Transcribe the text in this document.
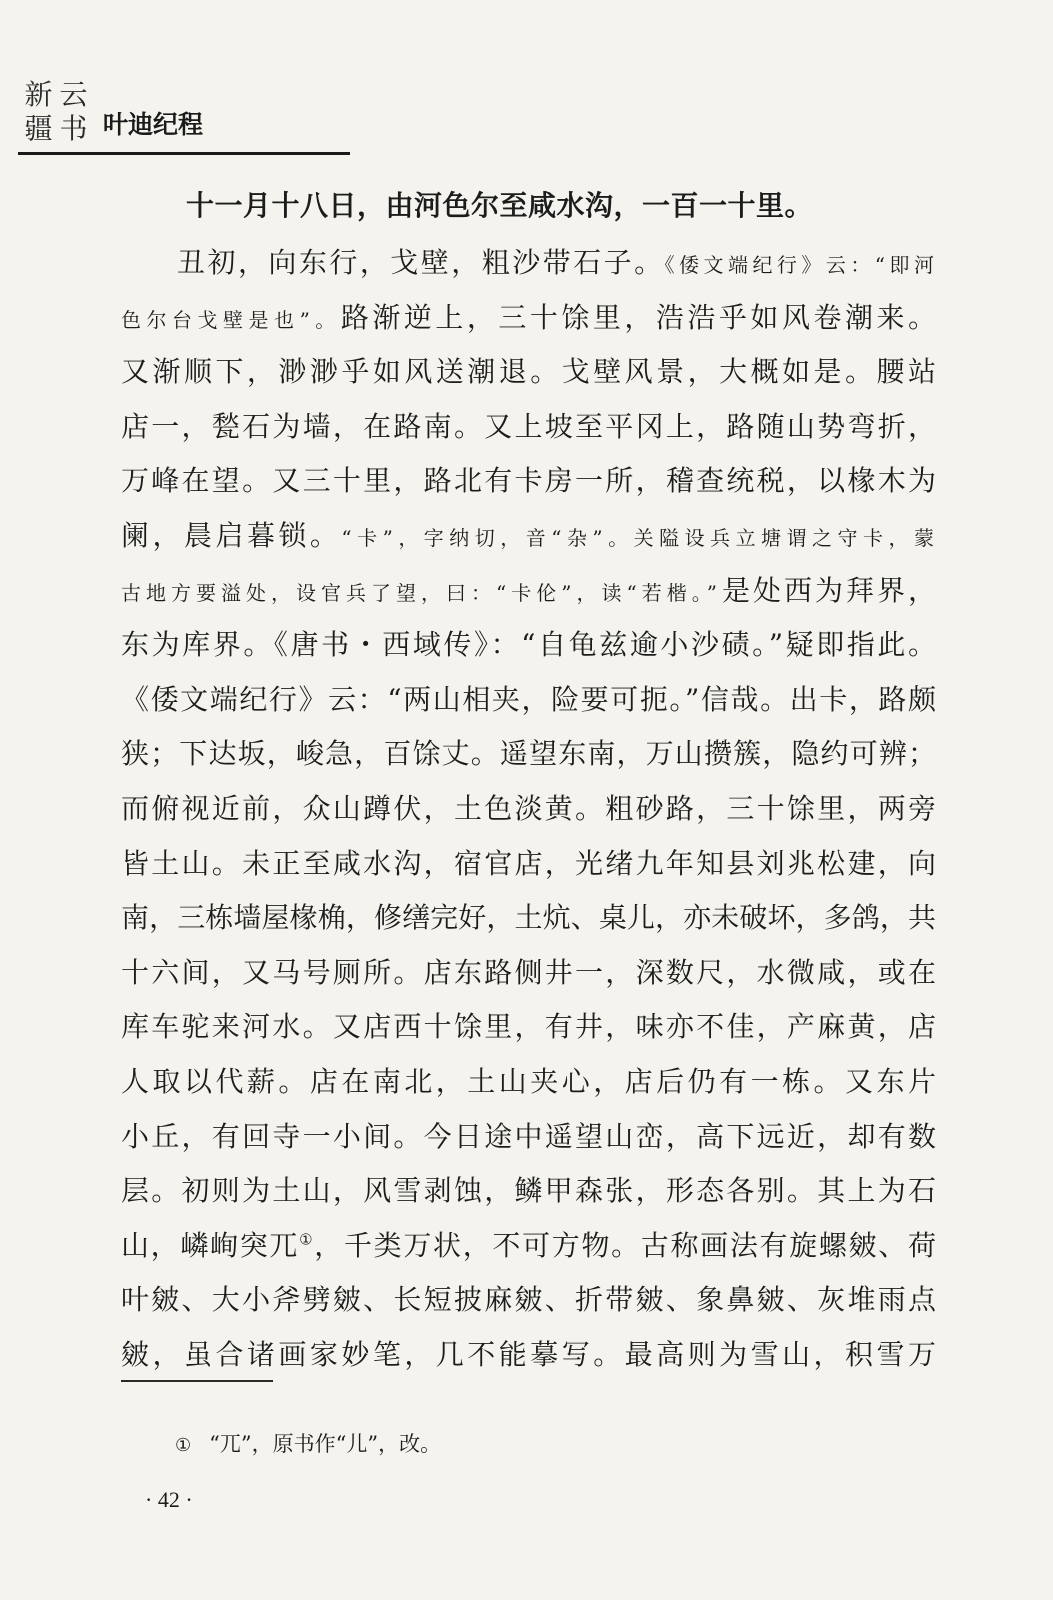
新 云
疆 书 叶迪纪程
十一月十八日，由河色尔至咸水沟，一百一十里。
丑初，向东行，戈壁，粗沙带石子。《倭文端纪行》云：“即河
色尔台戈壁是也”。路渐逆上，三十馀里，浩浩乎如风卷潮来。
又渐顺下，渺渺乎如风送潮退。戈壁风景，大概如是。腰站
店一，甃石为墙，在路南。又上坡至平冈上，路随山势弯折，
万峰在望。又三十里，路北有卡房一所，稽查统税，以椽木为
阑，晨启暮锁。“卡”，字纳切，音“杂”。关隘设兵立塘谓之守卡，蒙
古地方要溢处，设官兵了望，曰：“卡伦”，读“若楷。”是处西为拜界，
东为库界。《唐书・西域传》：“自龟兹逾小沙碛。”疑即指此。
《倭文端纪行》云：“两山相夹，险要可扼。”信哉。出卡，路颇
狭；下达坂，峻急，百馀丈。遥望东南，万山攒簇，隐约可辨；
而俯视近前，众山蹲伏，土色淡黄。粗砂路，三十馀里，两旁
皆土山。未正至咸水沟，宿官店，光绪九年知县刘兆松建，向
南，三栋墙屋椽桷，修缮完好，土炕、桌儿，亦未破坏，多鸽，共
十六间，又马号厕所。店东路侧井一，深数尺，水微咸，或在
库车驼来河水。又店西十馀里，有井，味亦不佳，产麻黄，店
人取以代薪。店在南北，土山夹心，店后仍有一栋。又东片
小丘，有回寺一小间。今日途中遥望山峦，高下远近，却有数
层。初则为土山，风雪剥蚀，鳞甲森张，形态各别。其上为石
山，嶙峋突兀①，千类万状，不可方物。古称画法有旋螺皴、荷
叶皴、大小斧劈皴、长短披麻皴、折带皴、象鼻皴、灰堆雨点
皴，虽合诸画家妙笔，几不能摹写。最高则为雪山，积雪万
① “兀”，原书作“儿”，改。
· 42 ·
